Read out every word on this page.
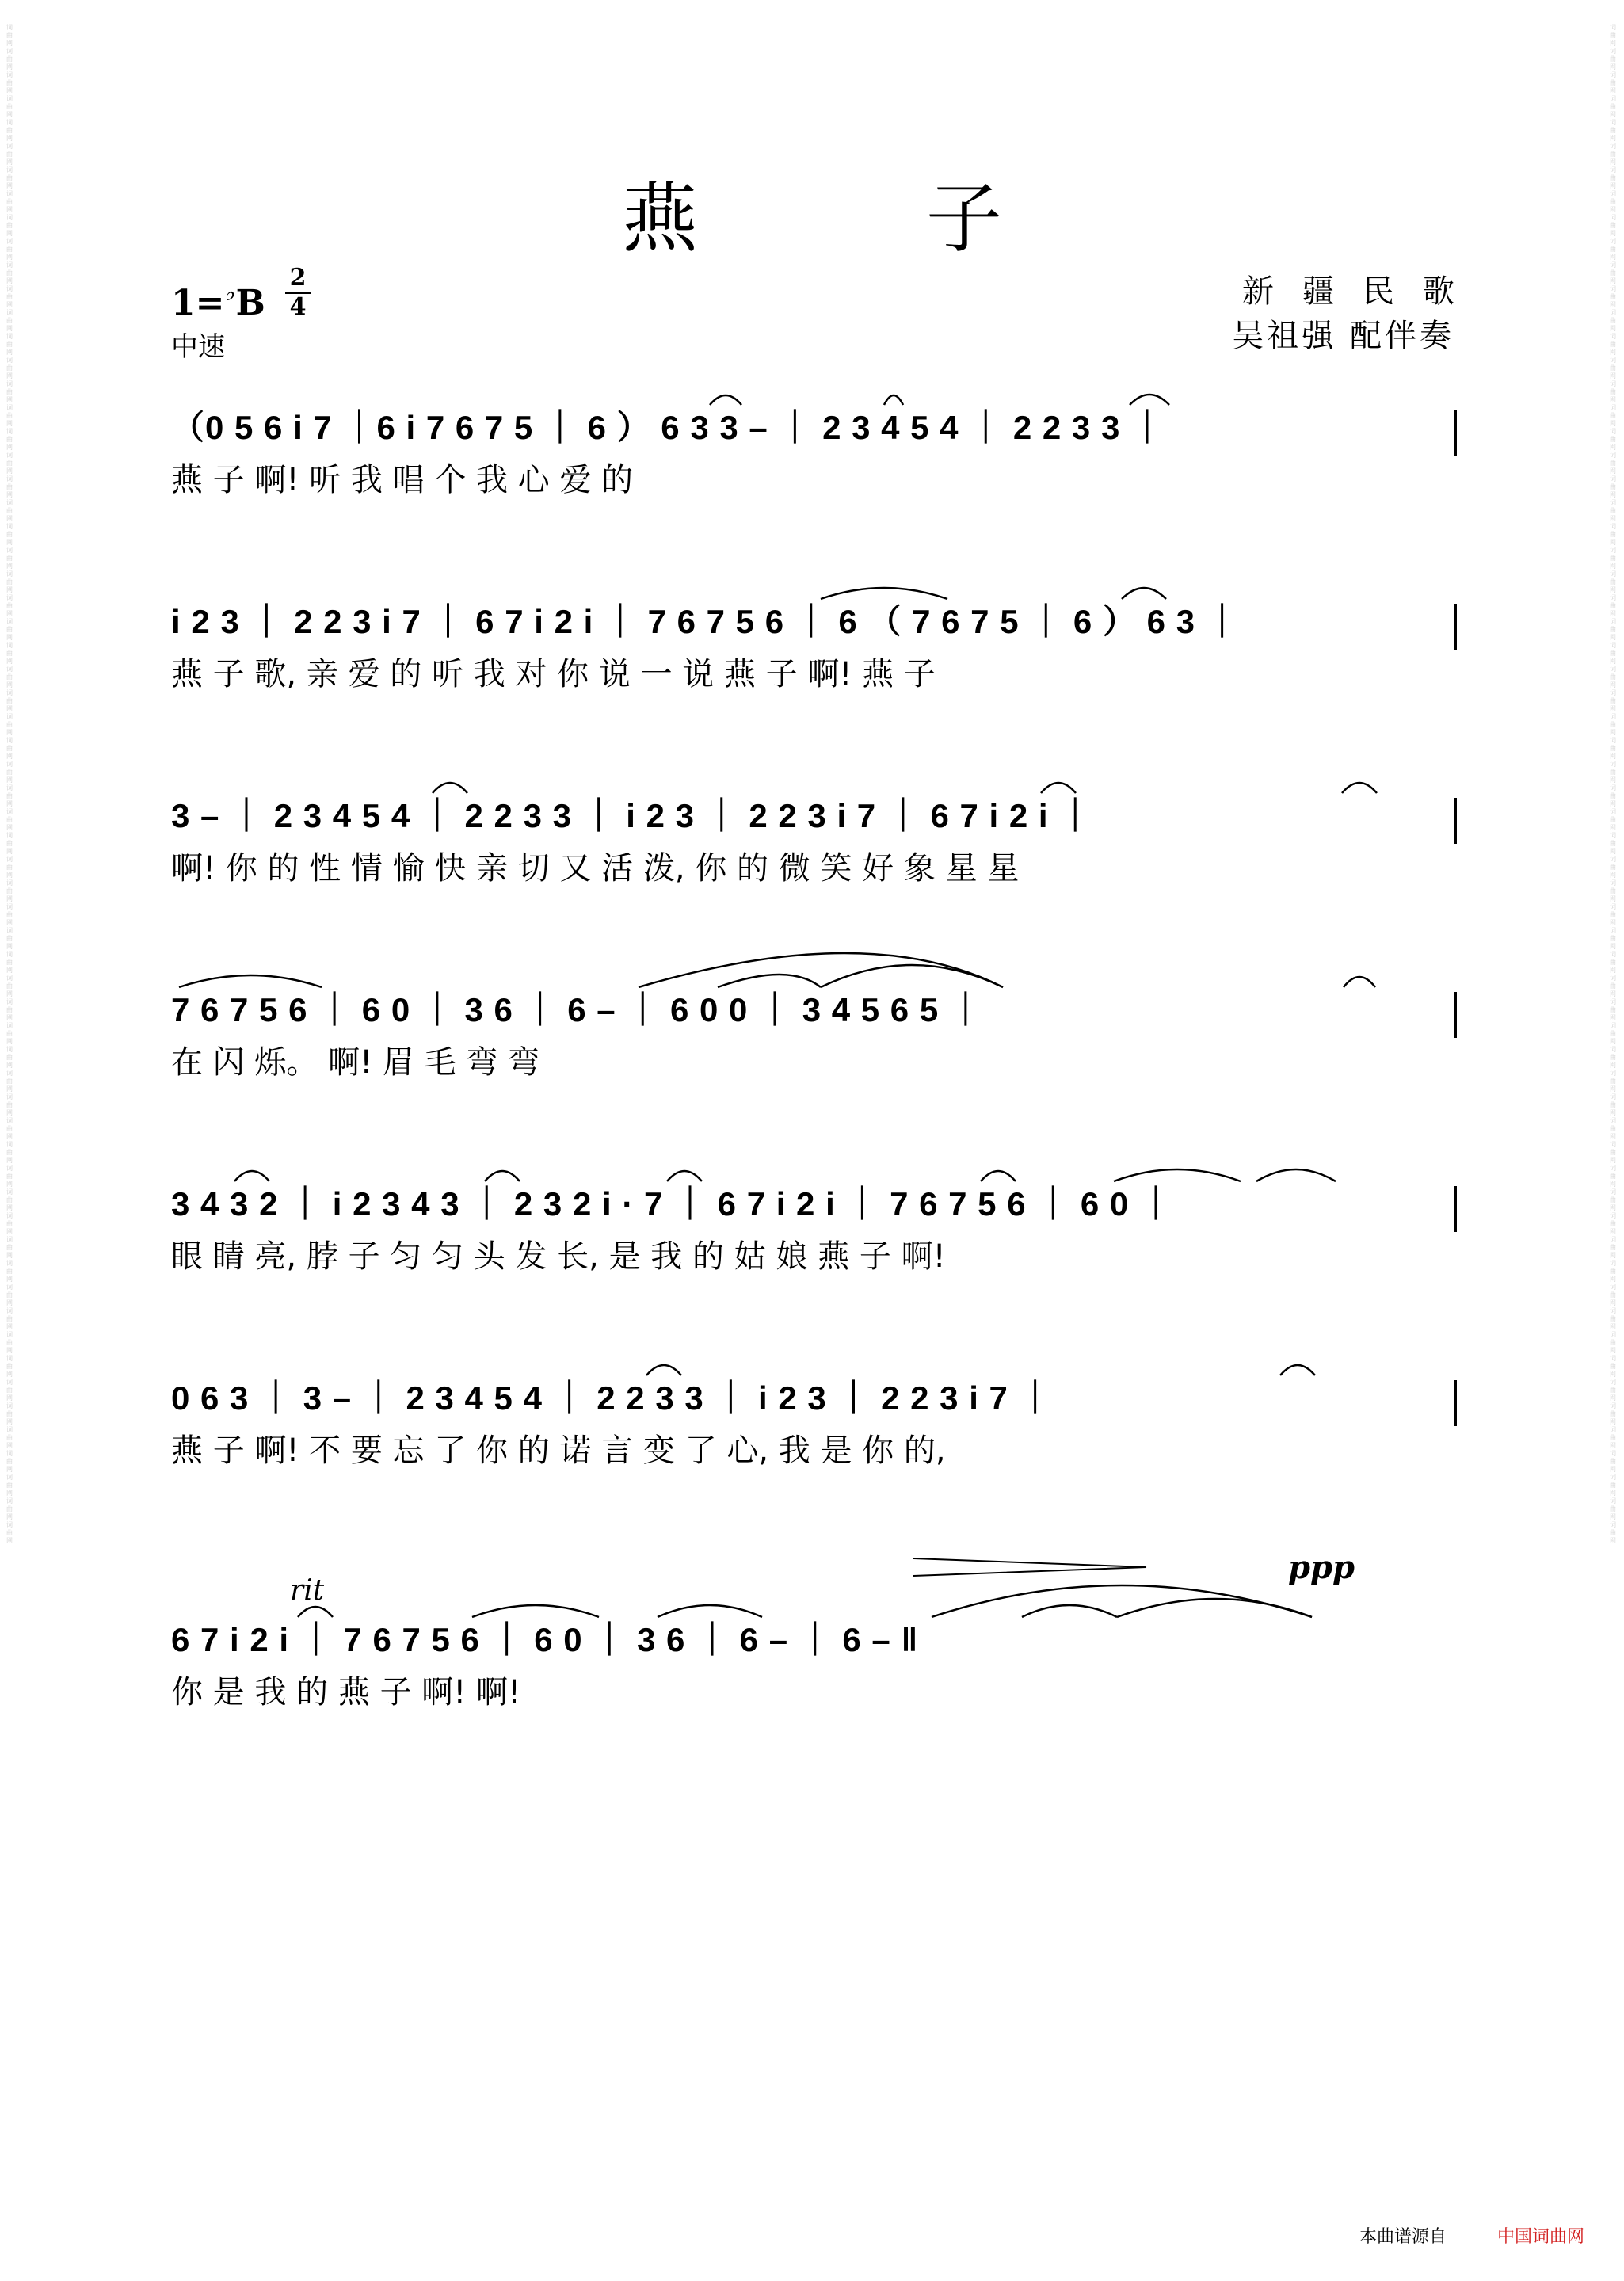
词曲网词曲网词曲网词曲网词曲网词曲网词曲网词曲网词曲网词曲网词曲网词曲网词曲网词曲网词曲网词曲网词曲网词曲网词曲网词曲网词曲网词曲网词曲网词曲网词曲网词曲网词曲网词曲网词曲网词曲网词曲网词曲网词曲网词曲网词曲网词曲网词曲网词曲网词曲网词曲网词曲网词曲网词曲网词曲网词曲网词曲网词曲网词曲网词曲网词曲网词曲网词曲网词曲网词曲网词曲网词曲网词曲网词曲网词曲网词曲网词曲网词曲网词曲网词曲网
词曲网词曲网词曲网词曲网词曲网词曲网词曲网词曲网词曲网词曲网词曲网词曲网词曲网词曲网词曲网词曲网词曲网词曲网词曲网词曲网词曲网词曲网词曲网词曲网词曲网词曲网词曲网词曲网词曲网词曲网词曲网词曲网词曲网词曲网词曲网词曲网词曲网词曲网词曲网词曲网词曲网词曲网词曲网词曲网词曲网词曲网词曲网词曲网词曲网词曲网词曲网词曲网词曲网词曲网词曲网词曲网词曲网词曲网词曲网词曲网词曲网词曲网词曲网词曲网
燕　子
1=♭B
2
4
中速
新疆民歌
吴祖强 配伴奏
（0 5 6 i 7 ｜6 i 7 6 7 5 ｜ 6 ） 6 3 3 – ｜ 2 3 4 5 4 ｜ 2 2 3 3 ｜
燕 子 啊! 听 我 唱 个 我 心 爱 的
i 2 3 ｜ 2 2 3 i 7 ｜ 6 7 i 2 i ｜ 7 6 7 5 6 ｜ 6 （ 7 6 7 5 ｜ 6 ） 6 3 ｜
燕 子 歌, 亲 爱 的 听 我 对 你 说 一 说 燕 子 啊! 燕 子
3 – ｜ 2 3 4 5 4 ｜ 2 2 3 3 ｜ i 2 3 ｜ 2 2 3 i 7 ｜ 6 7 i 2 i ｜
啊! 你 的 性 情 愉 快 亲 切 又 活 泼, 你 的 微 笑 好 象 星 星
7 6 7 5 6 ｜ 6 0 ｜ 3 6 ｜ 6 – ｜ 6 0 0 ｜ 3 4 5 6 5 ｜
在 闪 烁。 啊! 眉 毛 弯 弯
3 4 3 2 ｜ i 2 3 4 3 ｜ 2 3 2 i · 7 ｜ 6 7 i 2 i ｜ 7 6 7 5 6 ｜ 6 0 ｜
眼 睛 亮, 脖 子 匀 匀 头 发 长, 是 我 的 姑 娘 燕 子 啊!
0 6 3 ｜ 3 – ｜ 2 3 4 5 4 ｜ 2 2 3 3 ｜ i 2 3 ｜ 2 2 3 i 7 ｜
燕 子 啊! 不 要 忘 了 你 的 诺 言 变 了 心, 我 是 你 的,
6 7 i 2 i ｜ 7 6 7 5 6 ｜ 6 0 ｜ 3 6 ｜ 6 – ｜ 6 – ‖
你 是 我 的 燕 子 啊! 啊!
rit
ppp
本曲谱源自	中国词曲网
